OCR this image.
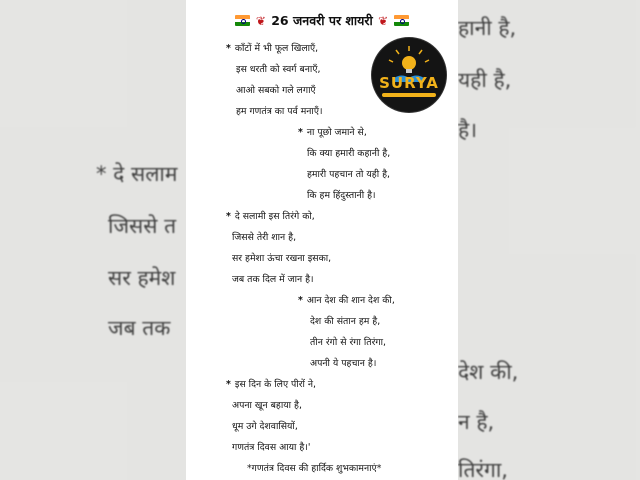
* दे सलाम
जिससे त
सर हमेश
जब तक
हानी है,
यही है,
है।
देश की,
न है,
तिरंगा,
❦ 26 जनवरी पर शायरी ❦
* काँटों में भी फूल खिलाएँ,
इस धरती को स्वर्ग बनाएँ,
आओ सबको गले लगाएँ
हम गणतंत्र का पर्व मनाएँ।
* ना पूछो जमाने से,
कि क्या हमारी कहानी है,
हमारी पहचान तो यही है,
कि हम हिंदुस्तानी है।
* दे सलामी इस तिरंगे को,
जिससे तेरी शान है,
सर हमेशा ऊंचा रखना इसका,
जब तक दिल में जान है।
* आन देश की शान देश की,
देश की संतान हम है,
तीन रंगो से रंगा तिरंगा,
अपनी ये पहचान है।
* इस दिन के लिए पीरों ने,
अपना खून बहाया है,
धूम उगे देशवासियों,
गणतंत्र दिवस आया है।'
*गणतंत्र दिवस की हार्दिक शुभकामनाएं*
SURYA
